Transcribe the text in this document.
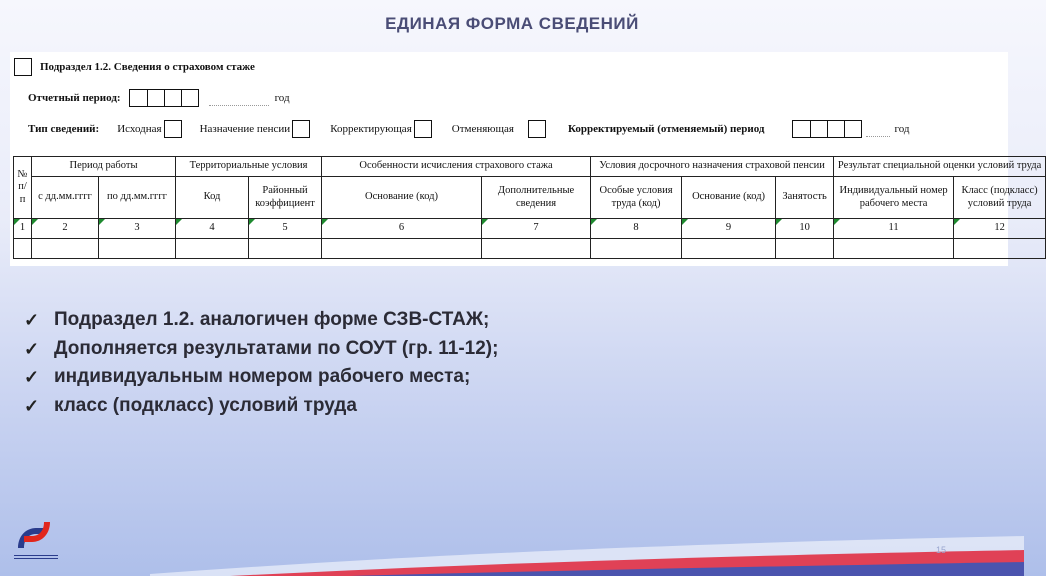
ЕДИНАЯ ФОРМА СВЕДЕНИЙ
Подраздел 1.2. Сведения о страховом стаже
Отчетный период:	год
Тип сведений: Исходная	Назначение пенсии	Корректирующая	Отменяющая	Корректируемый (отменяемый) период	год
№ п/п	Период работы		Территориальные условия		Особенности исчисления страхового стажа		Условия досрочного назначения страховой пенсии			Результат специальной оценки условий труда	
	с дд.мм.гггг	по дд.мм.гггг	Код	Районный коэффициент	Основание (код)	Дополнительные сведения	Особые условия труда (код)	Основание (код)	Занятость	Индивидуальный номер рабочего места	Класс (подкласс) условий труда
1	2	3	4	5	6	7	8	9	10	11	12

✓ Подраздел 1.2. аналогичен форме СЗВ-СТАЖ;
✓ Дополняется результатами по СОУТ (гр. 11-12);
✓ индивидуальным номером рабочего места;
✓ класс (подкласс) условий труда
15
